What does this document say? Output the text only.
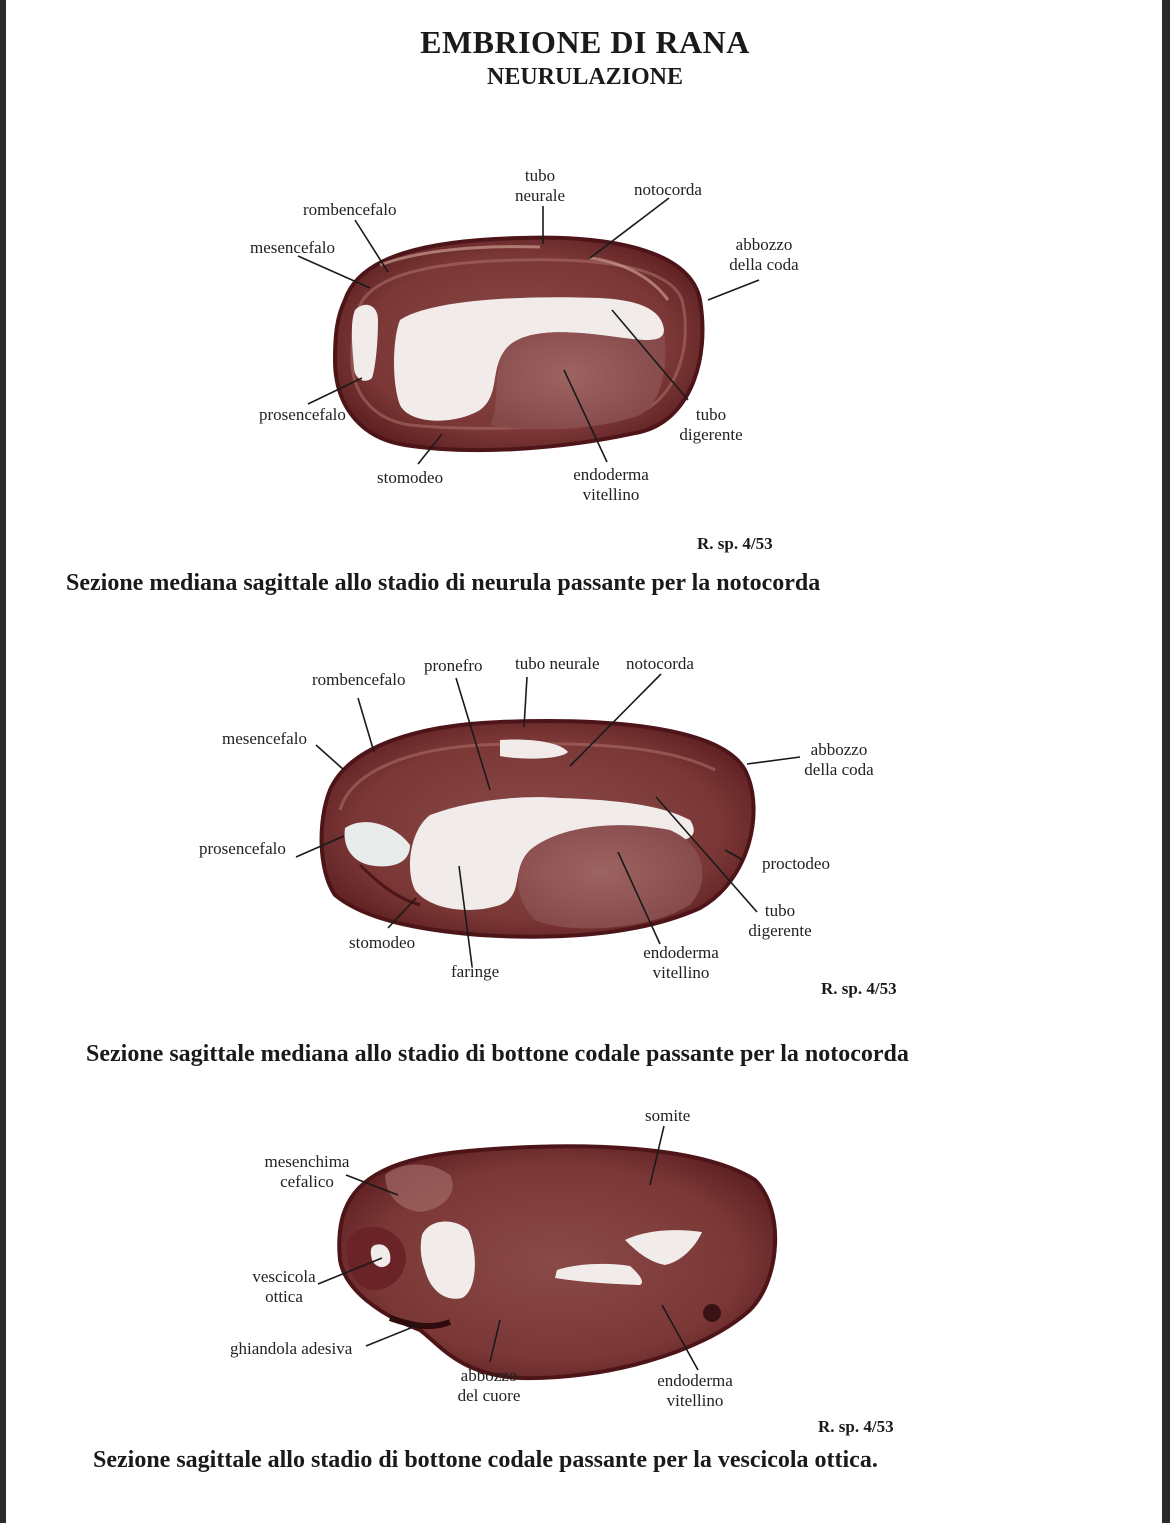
EMBRIONE DI RANA
NEURULAZIONE
tubo
neurale	notocorda
rombencefalo
mesencefalo	abbozzo
della coda
prosencefalo	tubo
digerente
stomodeo	endoderma
vitellino
R. sp. 4/53
Sezione mediana sagittale allo stadio di neurula passante per la notocorda
pronefro tubo neurale notocorda
rombencefalo
mesencefalo
abbozzo
della coda
prosencefalo
proctodeo
tubo
digerente
stomodeo
endoderma
vitellino
faringe
R. sp. 4/53
Sezione sagittale mediana allo stadio di bottone codale passante per la notocorda
somite
mesenchima
cefalico
vescicola
ottica
ghiandola adesiva
abbozzo
del cuore
endoderma
vitellino
R. sp. 4/53
Sezione sagittale allo stadio di bottone codale passante per la vescicola ottica.
